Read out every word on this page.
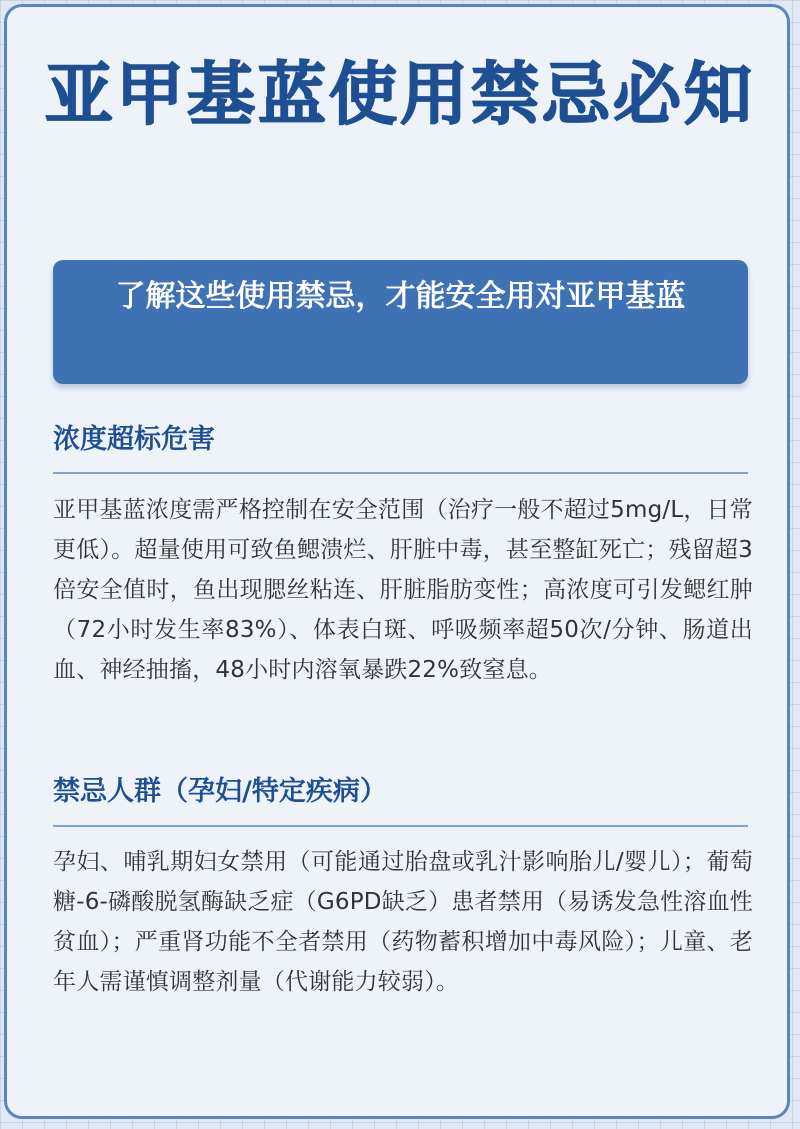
亚甲基蓝使用禁忌必知
了解这些使用禁忌，才能安全用对亚甲基蓝
浓度超标危害
亚甲基蓝浓度需严格控制在安全范围（治疗一般不超过5mg/L，日常更低）。超量使用可致鱼鳃溃烂、肝脏中毒，甚至整缸死亡；残留超3倍安全值时，鱼出现腮丝粘连、肝脏脂肪变性；高浓度可引发鳃红肿（72小时发生率83%）、体表白斑、呼吸频率超50次/分钟、肠道出血、神经抽搐，48小时内溶氧暴跌22%致窒息。
禁忌人群（孕妇/特定疾病）
孕妇、哺乳期妇女禁用（可能通过胎盘或乳汁影响胎儿/婴儿）；葡萄糖-6-磷酸脱氢酶缺乏症（G6PD缺乏）患者禁用（易诱发急性溶血性贫血）；严重肾功能不全者禁用（药物蓄积增加中毒风险）；儿童、老年人需谨慎调整剂量（代谢能力较弱）。
